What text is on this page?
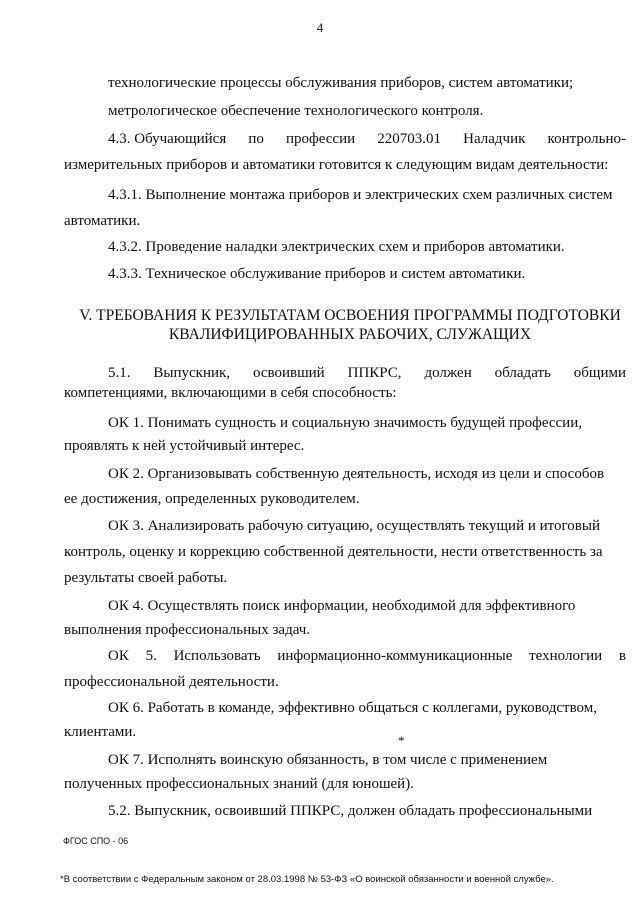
4
технологические процессы обслуживания приборов, систем автоматики;
метрологическое обеспечение технологического контроля.
4.3. Обучающийся по профессии 220703.01 Наладчик контрольно-
измерительных приборов и автоматики готовится к следующим видам деятельности:
4.3.1. Выполнение монтажа приборов и электрических схем различных систем
автоматики.
4.3.2. Проведение наладки электрических схем и приборов автоматики.
4.3.3. Техническое обслуживание приборов и систем автоматики.
V. ТРЕБОВАНИЯ К РЕЗУЛЬТАТАМ ОСВОЕНИЯ ПРОГРАММЫ ПОДГОТОВКИ
КВАЛИФИЦИРОВАННЫХ РАБОЧИХ, СЛУЖАЩИХ
5.1. Выпускник, освоивший ППКРС, должен обладать общими
компетенциями, включающими в себя способность:
ОК 1. Понимать сущность и социальную значимость будущей профессии,
проявлять к ней устойчивый интерес.
ОК 2. Организовывать собственную деятельность, исходя из цели и способов
ее достижения, определенных руководителем.
ОК 3. Анализировать рабочую ситуацию, осуществлять текущий и итоговый
контроль, оценку и коррекцию собственной деятельности, нести ответственность за
результаты своей работы.
ОК 4. Осуществлять поиск информации, необходимой для эффективного
выполнения профессиональных задач.
ОК 5. Использовать информационно-коммуникационные технологии в
профессиональной деятельности.
ОК 6. Работать в команде, эффективно общаться с коллегами, руководством,
клиентами.
*
ОК 7. Исполнять воинскую обязанность, в том числе с применением
полученных профессиональных знаний (для юношей).
5.2. Выпускник, освоивший ППКРС, должен обладать профессиональными
ФГОС СПО - 06
*В соответствии с Федеральным законом от 28.03.1998 № 53-ФЗ «О воинской обязанности и военной службе».
